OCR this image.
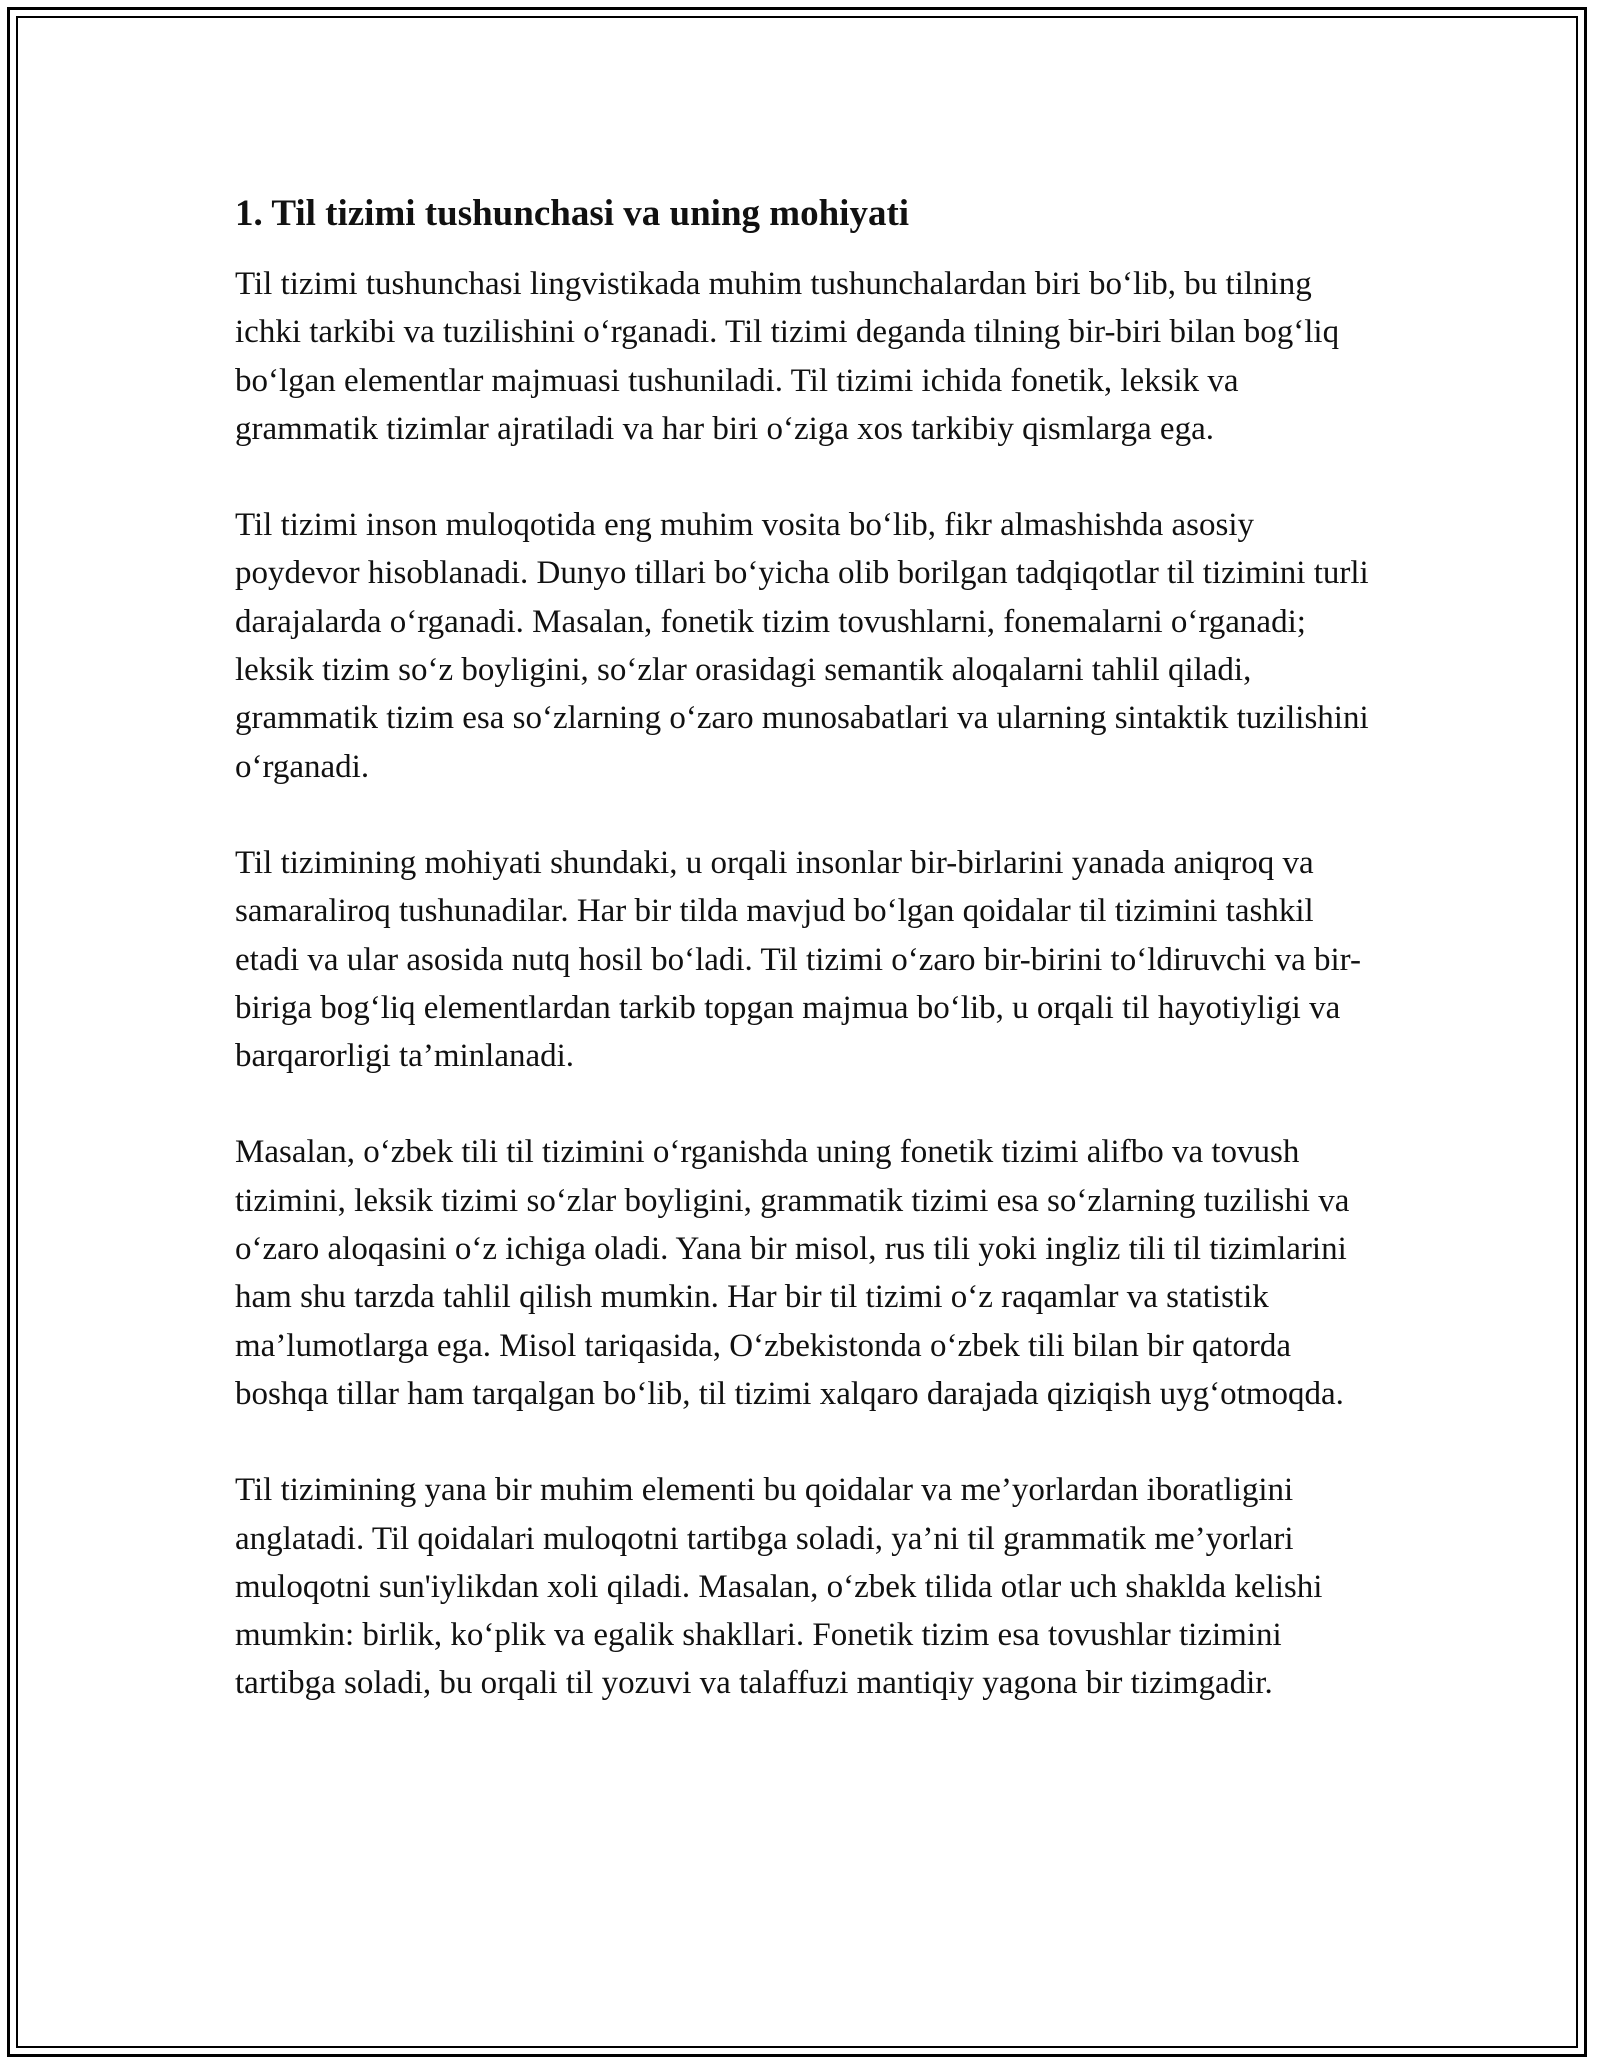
1. Til tizimi tushunchasi va uning mohiyati

Til tizimi tushunchasi lingvistikada muhim tushunchalardan biri bo‘lib, bu tilning ichki tarkibi va tuzilishini o‘rganadi. Til tizimi deganda tilning bir-biri bilan bog‘liq bo‘lgan elementlar majmuasi tushuniladi. Til tizimi ichida fonetik, leksik va grammatik tizimlar ajratiladi va har biri o‘ziga xos tarkibiy qismlarga ega.

Til tizimi inson muloqotida eng muhim vosita bo‘lib, fikr almashishda asosiy poydevor hisoblanadi. Dunyo tillari bo‘yicha olib borilgan tadqiqotlar til tizimini turli darajalarda o‘rganadi. Masalan, fonetik tizim tovushlarni, fonemalarni o‘rganadi; leksik tizim so‘z boyligini, so‘zlar orasidagi semantik aloqalarni tahlil qiladi, grammatik tizim esa so‘zlarning o‘zaro munosabatlari va ularning sintaktik tuzilishini o‘rganadi.

Til tizimining mohiyati shundaki, u orqali insonlar bir-birlarini yanada aniqroq va samaraliroq tushunadilar. Har bir tilda mavjud bo‘lgan qoidalar til tizimini tashkil etadi va ular asosida nutq hosil bo‘ladi. Til tizimi o‘zaro bir-birini to‘ldiruvchi va bir-biriga bog‘liq elementlardan tarkib topgan majmua bo‘lib, u orqali til hayotiyligi va barqarorligi ta’minlanadi.

Masalan, o‘zbek tili til tizimini o‘rganishda uning fonetik tizimi alifbo va tovush tizimini, leksik tizimi so‘zlar boyligini, grammatik tizimi esa so‘zlarning tuzilishi va o‘zaro aloqasini o‘z ichiga oladi. Yana bir misol, rus tili yoki ingliz tili til tizimlarini ham shu tarzda tahlil qilish mumkin. Har bir til tizimi o‘z raqamlar va statistik ma’lumotlarga ega. Misol tariqasida, O‘zbekistonda o‘zbek tili bilan bir qatorda boshqa tillar ham tarqalgan bo‘lib, til tizimi xalqaro darajada qiziqish uyg‘otmoqda.

Til tizimining yana bir muhim elementi bu qoidalar va me’yorlardan iboratligini anglatadi. Til qoidalari muloqotni tartibga soladi, ya’ni til grammatik me’yorlari muloqotni sun'iylikdan xoli qiladi. Masalan, o‘zbek tilida otlar uch shaklda kelishi mumkin: birlik, ko‘plik va egalik shakllari. Fonetik tizim esa tovushlar tizimini tartibga soladi, bu orqali til yozuvi va talaffuzi mantiqiy yagona bir tizimgadir.
